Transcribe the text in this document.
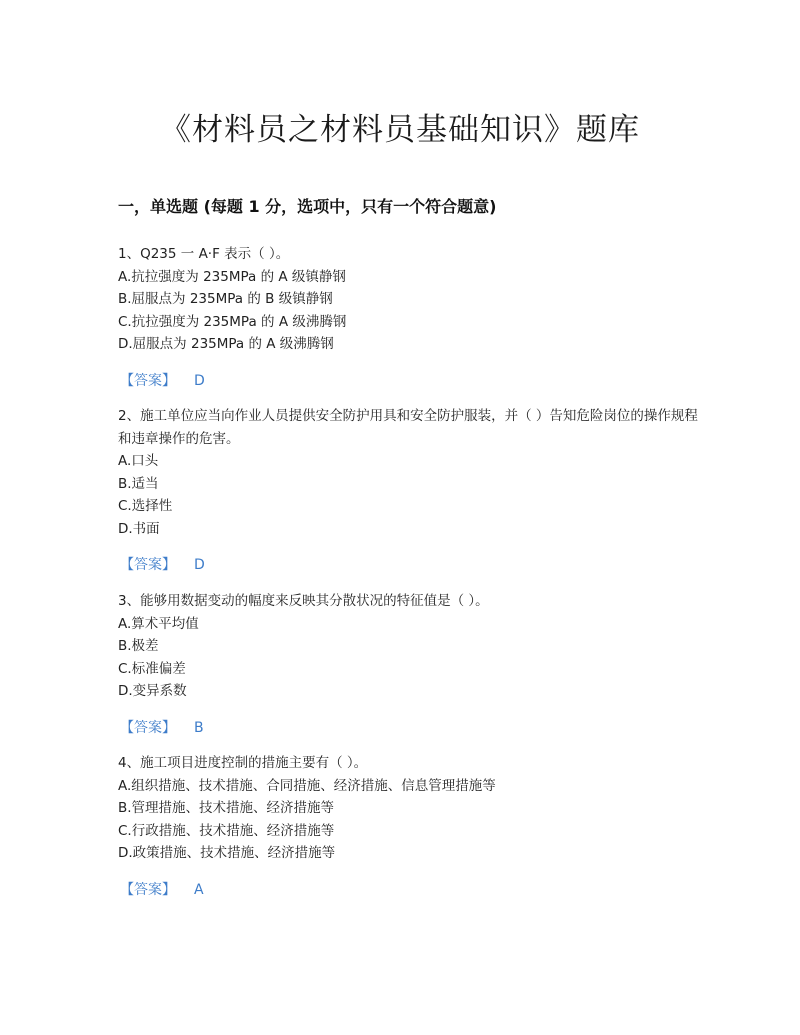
《材料员之材料员基础知识》题库
一，单选题 (每题 1 分，选项中，只有一个符合题意)

1、Q235 一 A·F 表示（ ）。

A.抗拉强度为 235MPa 的 A 级镇静钢

B.屈服点为 235MPa 的 B 级镇静钢

C.抗拉强度为 235MPa 的 A 级沸腾钢

D.屈服点为 235MPa 的 A 级沸腾钢

【答案】 D

2、施工单位应当向作业人员提供安全防护用具和安全防护服装，并（ ）告知危险岗位的操作规程和违章操作的危害。

A.口头

B.适当

C.选择性

D.书面

【答案】 D

3、能够用数据变动的幅度来反映其分散状况的特征值是（ ）。

A.算术平均值

B.极差

C.标准偏差

D.变异系数

【答案】 B

4、施工项目进度控制的措施主要有（ ）。

A.组织措施、技术措施、合同措施、经济措施、信息管理措施等

B.管理措施、技术措施、经济措施等

C.行政措施、技术措施、经济措施等

D.政策措施、技术措施、经济措施等

【答案】 A
